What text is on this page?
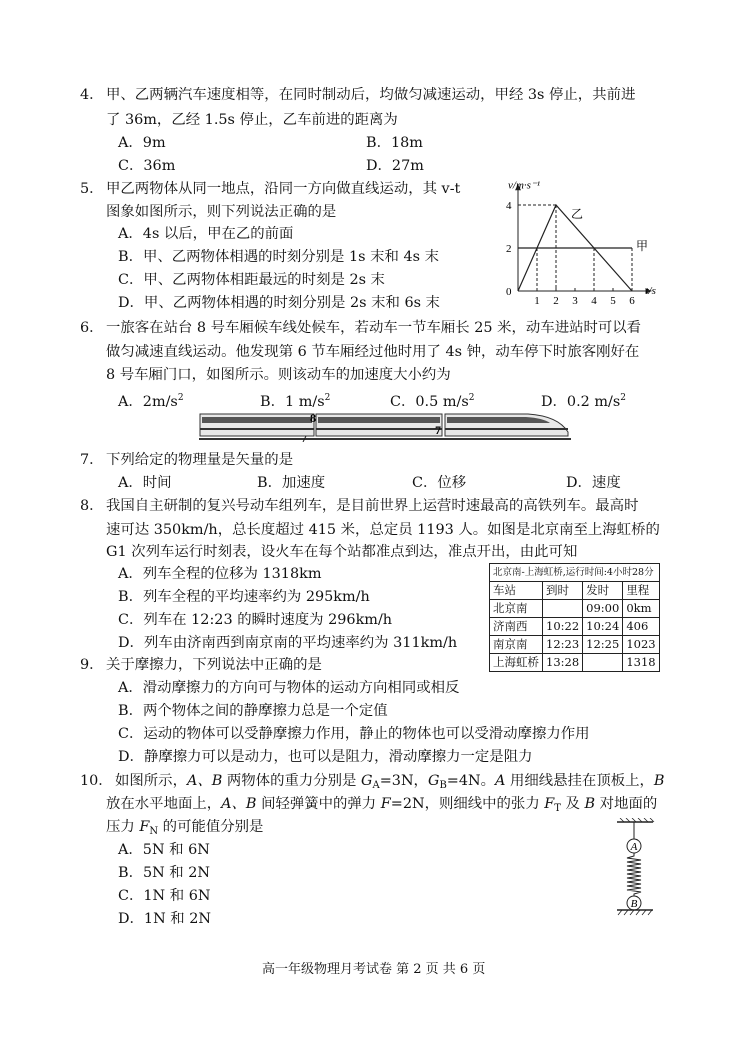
4． 甲、乙两辆汽车速度相等，在同时制动后，均做匀减速运动，甲经 3s 停止，共前进
了 36m，乙经 1.5s 停止，乙车前进的距离为
A．9m	B．18m
C．36m	D．27m
5． 甲乙两物体从同一地点，沿同一方向做直线运动，其 v-t
图象如图所示，则下列说法正确的是
A．4s 以后，甲在乙的前面
B．甲、乙两物体相遇的时刻分别是 1s 末和 4s 末
C．甲、乙两物体相距最远的时刻是 2s 末
D．甲、乙两物体相遇的时刻分别是 2s 末和 6s 末
v/m·s⁻¹
t/s
0
1 2 3 4 5 6
2
4
甲
乙
6． 一旅客在站台 8 号车厢候车线处候车，若动车一节车厢长 25 米，动车进站时可以看
做匀减速直线运动。他发现第 6 节车厢经过他时用了 4s 钟，动车停下时旅客刚好在
8 号车厢门口，如图所示。则该动车的加速度大小约为
A．$2m/s^2$	B．1 $m/s^2$	C．0.5 $m/s^2$	D．0.2 $m/s^2$
8
7
7． 下列给定的物理量是矢量的是
A．时间	B．加速度	C．位移	D．速度
8． 我国自主研制的复兴号动车组列车，是目前世界上运营时速最高的高铁列车。最高时
速可达 350km/h，总长度超过 415 米，总定员 1193 人。如图是北京南至上海虹桥的
G1 次列车运行时刻表，设火车在每个站都准点到达，准点开出，由此可知
A．列车全程的位移为 1318km
B．列车全程的平均速率约为 295km/h
C．列车在 12:23 的瞬时速度为 296km/h
D．列车由济南西到南京南的平均速率约为 311km/h
北京南-上海虹桥,运行时间:4小时28分			
车站	到时	发时	里程
北京南		09:00	0km
济南西	10:22	10:24	406
南京南	12:23	12:25	1023
上海虹桥	13:28		1318
9． 关于摩擦力，下列说法中正确的是
A．滑动摩擦力的方向可与物体的运动方向相同或相反
B．两个物体之间的静摩擦力总是一个定值
C．运动的物体可以受静摩擦力作用，静止的物体也可以受滑动摩擦力作用
D．静摩擦力可以是动力，也可以是阻力，滑动摩擦力一定是阻力
10． 如图所示，A、B 两物体的重力分别是 $G_A=3N$，$G_B=4N$。A 用细线悬挂在顶板上，B
放在水平地面上，A、B 间轻弹簧中的弹力 F=2N，则细线中的张力 $F_T$ 及 B 对地面的
压力 $F_N$ 的可能值分别是
A．5N 和 6N
B．5N 和 2N
C．1N 和 6N
D．1N 和 2N
A
B
高一年级物理月考试卷 第 2 页 共 6 页
